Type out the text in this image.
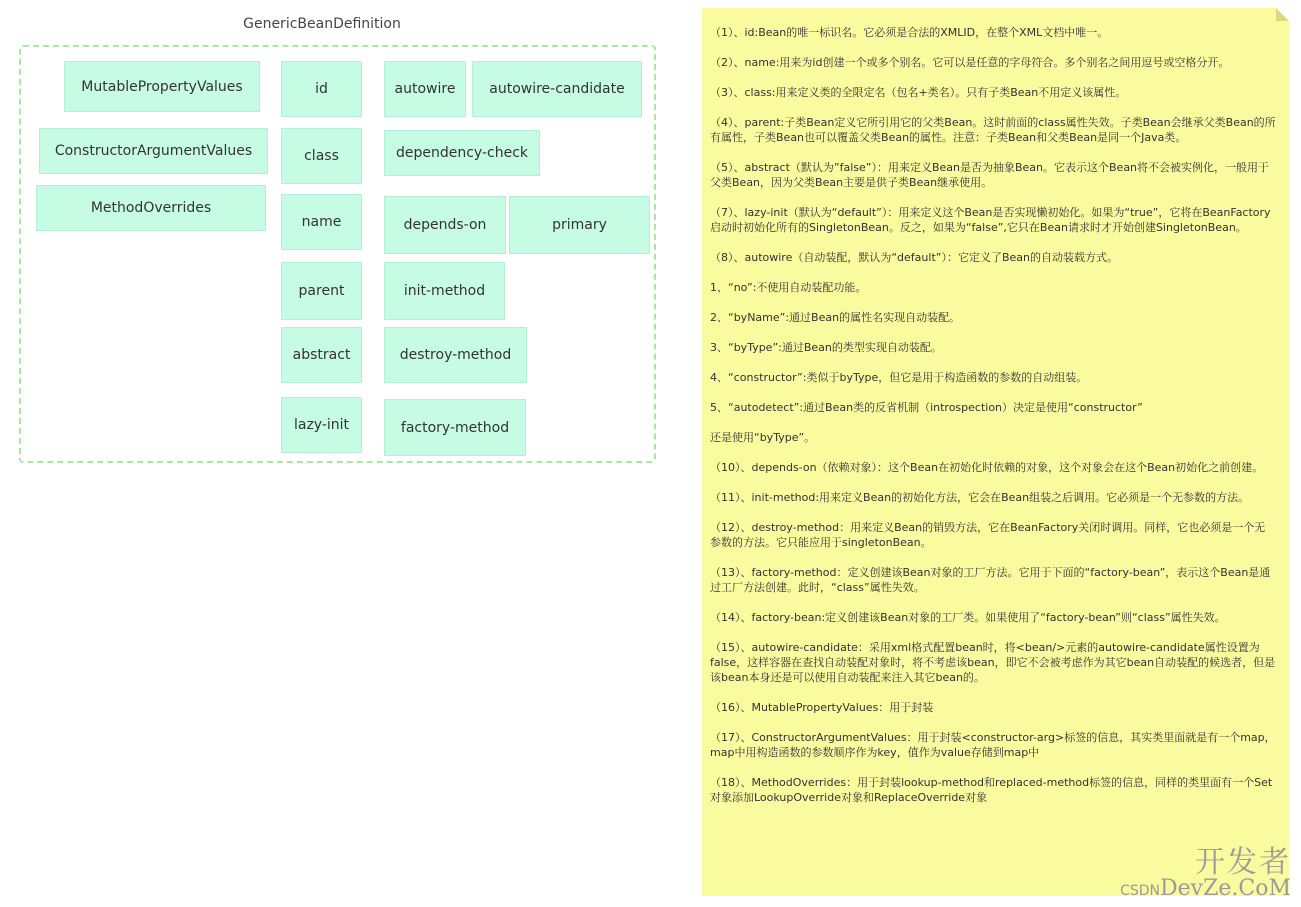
GenericBeanDefinition
MutablePropertyValues
ConstructorArgumentValues
MethodOverrides
id
class
name
parent
abstract
lazy-init
autowire	autowire-candidate
dependency-check
depends-on	primary
init-method
destroy-method
factory-method
（1）、id:Bean的唯一标识名。它必须是合法的XMLID，在整个XML文档中唯一。
（2）、name:用来为id创建一个或多个别名。它可以是任意的字母符合。多个别名之间用逗号或空格分开。
（3）、class:用来定义类的全限定名（包名+类名）。只有子类Bean不用定义该属性。
（4）、parent:子类Bean定义它所引用它的父类Bean。这时前面的class属性失效。子类Bean会继承父类Bean的所有属性，子类Bean也可以覆盖父类Bean的属性。注意：子类Bean和父类Bean是同一个Java类。
（5）、abstract（默认为”false”）：用来定义Bean是否为抽象Bean。它表示这个Bean将不会被实例化，一般用于父类Bean，因为父类Bean主要是供子类Bean继承使用。
（7）、lazy-init（默认为“default”）：用来定义这个Bean是否实现懒初始化。如果为“true”，它将在BeanFactory启动时初始化所有的SingletonBean。反之，如果为“false”,它只在Bean请求时才开始创建SingletonBean。
（8）、autowire（自动装配，默认为“default”）：它定义了Bean的自动装载方式。
1、“no”:不使用自动装配功能。
2、“byName”:通过Bean的属性名实现自动装配。
3、“byType”:通过Bean的类型实现自动装配。
4、“constructor”:类似于byType，但它是用于构造函数的参数的自动组装。
5、“autodetect”:通过Bean类的反省机制（introspection）决定是使用“constructor”
还是使用“byType”。
（10）、depends-on（依赖对象）：这个Bean在初始化时依赖的对象，这个对象会在这个Bean初始化之前创建。
（11）、init-method:用来定义Bean的初始化方法，它会在Bean组装之后调用。它必须是一个无参数的方法。
（12）、destroy-method：用来定义Bean的销毁方法，它在BeanFactory关闭时调用。同样，它也必须是一个无参数的方法。它只能应用于singletonBean。
（13）、factory-method：定义创建该Bean对象的工厂方法。它用于下面的“factory-bean”，表示这个Bean是通过工厂方法创建。此时，“class”属性失效。
（14）、factory-bean:定义创建该Bean对象的工厂类。如果使用了“factory-bean”则“class”属性失效。
（15）、autowire-candidate：采用xml格式配置bean时，将<bean/>元素的autowire-candidate属性设置为false，这样容器在查找自动装配对象时，将不考虑该bean，即它不会被考虑作为其它bean自动装配的候选者，但是该bean本身还是可以使用自动装配来注入其它bean的。
（16）、MutablePropertyValues：用于封装
（17）、ConstructorArgumentValues：用于封装<constructor-arg>标签的信息，其实类里面就是有一个map，map中用构造函数的参数顺序作为key，值作为value存储到map中
（18）、MethodOverrides：用于封装lookup-method和replaced-method标签的信息，同样的类里面有一个Set对象添加LookupOverride对象和ReplaceOverride对象
开发者
CSDNDevZe.CoM
